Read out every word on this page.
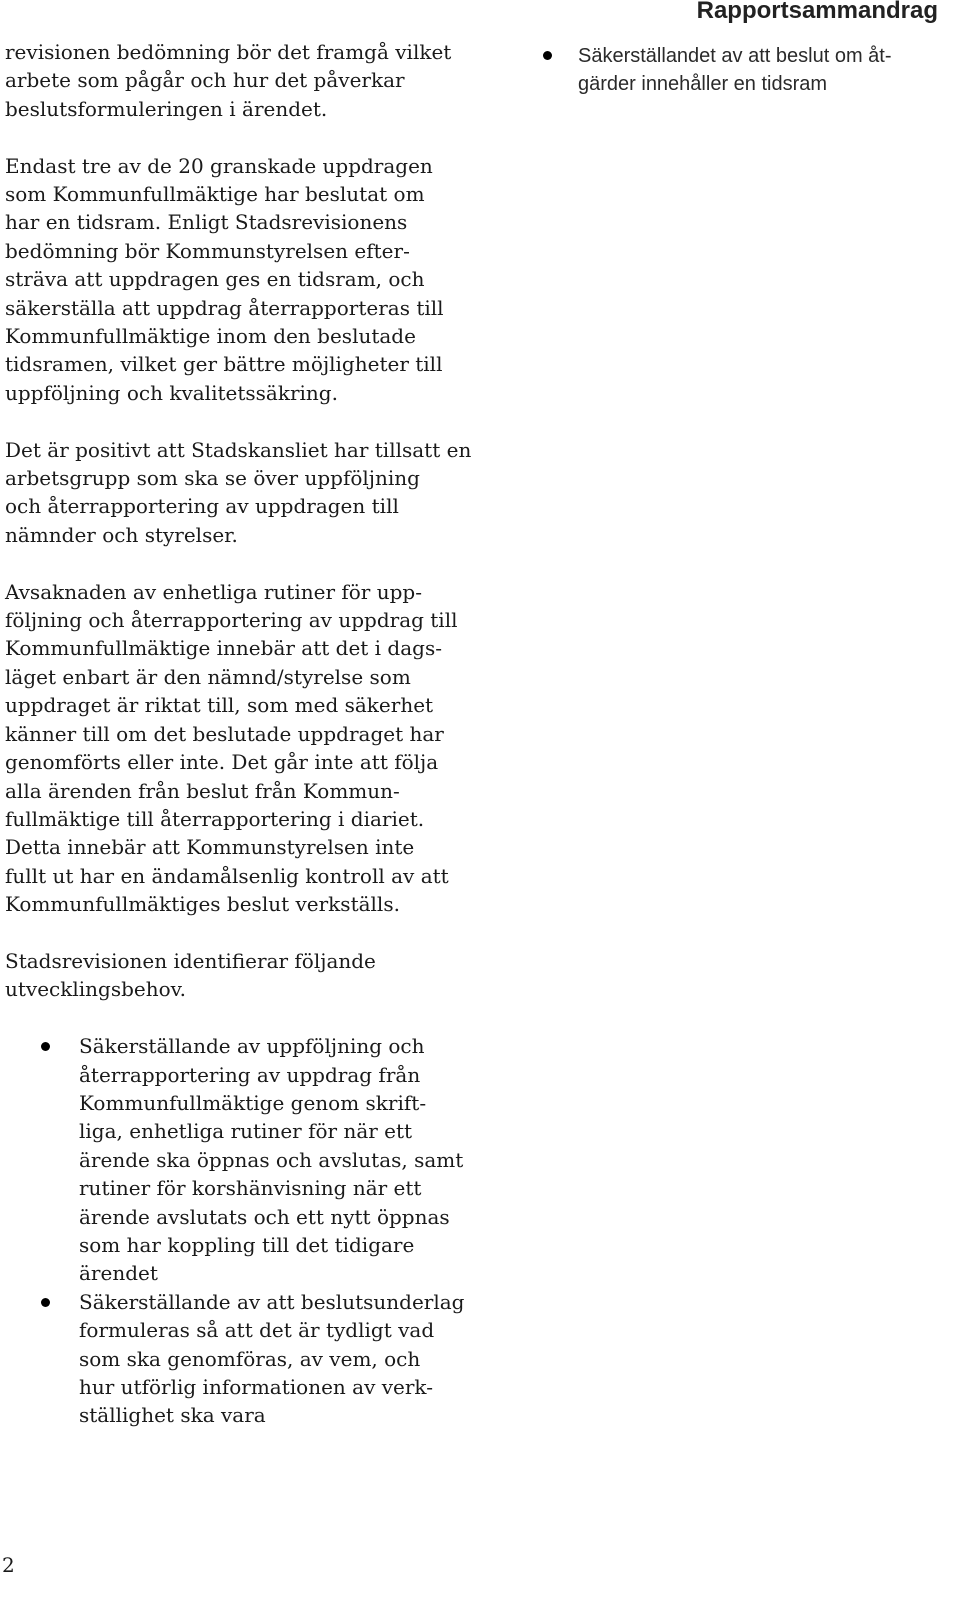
Rapportsammandrag
Säkerställandet av att beslut om åt-
gärder innehåller en tidsram
revisionen bedömning bör det framgå vilket
arbete som pågår och hur det påverkar
beslutsformuleringen i ärendet.
Endast tre av de 20 granskade uppdragen
som Kommunfullmäktige har beslutat om
har en tidsram. Enligt Stadsrevisionens
bedömning bör Kommunstyrelsen efter-
sträva att uppdragen ges en tidsram, och
säkerställa att uppdrag återrapporteras till
Kommunfullmäktige inom den beslutade
tidsramen, vilket ger bättre möjligheter till
uppföljning och kvalitetssäkring.
Det är positivt att Stadskansliet har tillsatt en
arbetsgrupp som ska se över uppföljning
och återrapportering av uppdragen till
nämnder och styrelser.
Avsaknaden av enhetliga rutiner för upp-
följning och återrapportering av uppdrag till
Kommunfullmäktige innebär att det i dags-
läget enbart är den nämnd/styrelse som
uppdraget är riktat till, som med säkerhet
känner till om det beslutade uppdraget har
genomförts eller inte. Det går inte att följa
alla ärenden från beslut från Kommun-
fullmäktige till återrapportering i diariet.
Detta innebär att Kommunstyrelsen inte
fullt ut har en ändamålsenlig kontroll av att
Kommunfullmäktiges beslut verkställs.
Stadsrevisionen identifierar följande
utvecklingsbehov.
Säkerställande av uppföljning och
återrapportering av uppdrag från
Kommunfullmäktige genom skrift-
liga, enhetliga rutiner för när ett
ärende ska öppnas och avslutas, samt
rutiner för korshänvisning när ett
ärende avslutats och ett nytt öppnas
som har koppling till det tidigare
ärendet
Säkerställande av att beslutsunderlag
formuleras så att det är tydligt vad
som ska genomföras, av vem, och
hur utförlig informationen av verk-
ställighet ska vara
2
